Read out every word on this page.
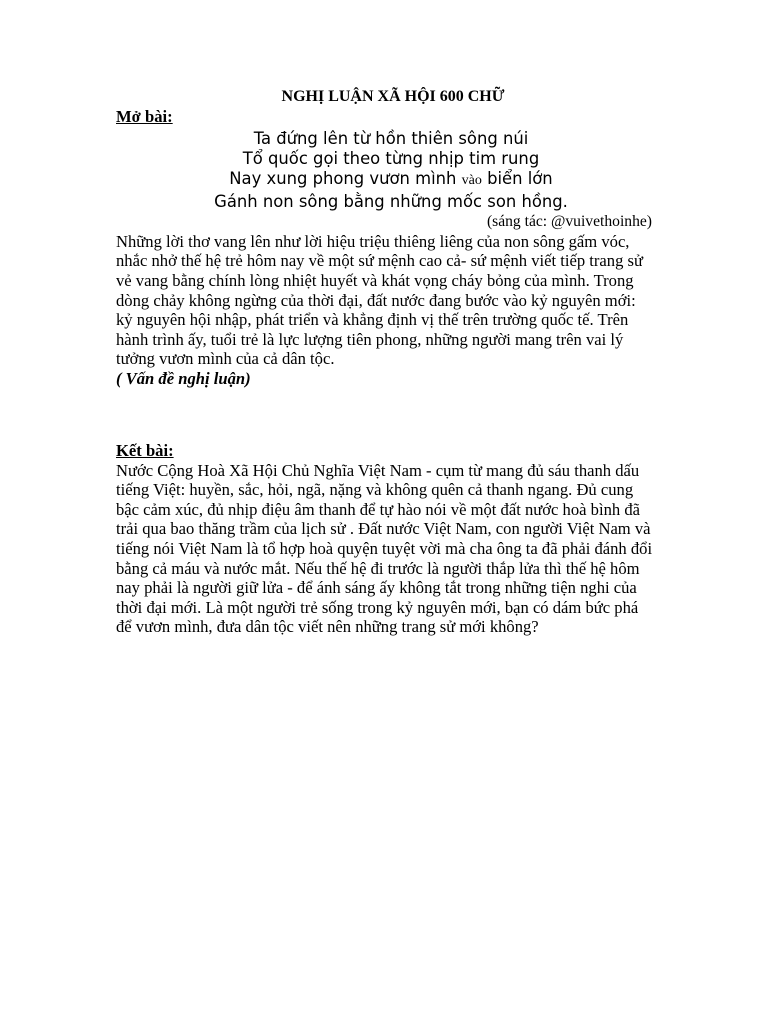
NGHỊ LUẬN XÃ HỘI 600 CHỮ

Mở bài:

Ta đứng lên từ hồn thiên sông núi
Tổ quốc gọi theo từng nhịp tim rung
Nay xung phong vươn mình vào biển lớn
Gánh non sông bằng những mốc son hồng.

(sáng tác: @vuivethoinhe)

Những lời thơ vang lên như lời hiệu triệu thiêng liêng của non sông gấm vóc, nhắc nhở thế hệ trẻ hôm nay về một sứ mệnh cao cả- sứ mệnh viết tiếp trang sử vẻ vang bằng chính lòng nhiệt huyết và khát vọng cháy bỏng của mình. Trong dòng chảy không ngừng của thời đại, đất nước đang bước vào kỷ nguyên mới: kỷ nguyên hội nhập, phát triển và khẳng định vị thế trên trường quốc tế. Trên hành trình ấy, tuổi trẻ là lực lượng tiên phong, những người mang trên vai lý tưởng vươn mình của cả dân tộc.

( Vấn đề nghị luận)

Kết bài:

Nước Cộng Hoà Xã Hội Chủ Nghĩa Việt Nam - cụm từ mang đủ sáu thanh dấu tiếng Việt: huyền, sắc, hỏi, ngã, nặng và không quên cả thanh ngang. Đủ cung bậc cảm xúc, đủ nhịp điệu âm thanh để tự hào nói về một đất nước hoà bình đã trải qua bao thăng trầm của lịch sử . Đất nước Việt Nam, con người Việt Nam và tiếng nói Việt Nam là tổ hợp hoà quyện tuyệt vời mà cha ông ta đã phải đánh đổi bằng cả máu và nước mắt. Nếu thế hệ đi trước là người thắp lửa thì thế hệ hôm nay phải là người giữ lửa - để ánh sáng ấy không tắt trong những tiện nghi của thời đại mới. Là một người trẻ sống trong kỷ nguyên mới, bạn có dám bức phá để vươn mình, đưa dân tộc viết nên những trang sử mới không?
